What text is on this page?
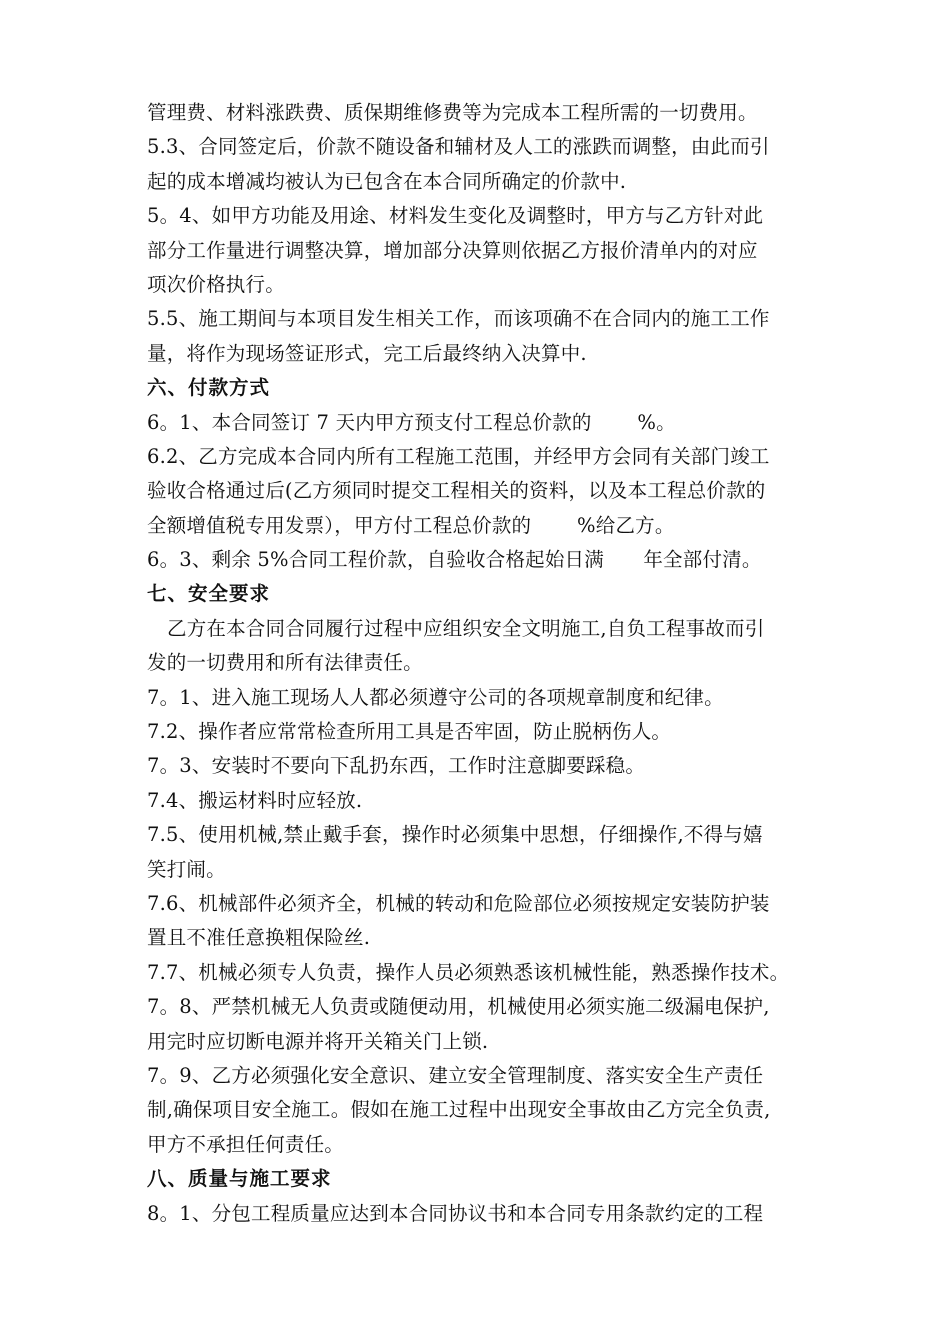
管理费、材料涨跌费、质保期维修费等为完成本工程所需的一切费用。
5.3、合同签定后，价款不随设备和辅材及人工的涨跌而调整，由此而引
起的成本增减均被认为已包含在本合同所确定的价款中.
5。4、如甲方功能及用途、材料发生变化及调整时，甲方与乙方针对此
部分工作量进行调整决算，增加部分决算则依据乙方报价清单内的对应
项次价格执行。
5.5、施工期间与本项目发生相关工作，而该项确不在合同内的施工工作
量，将作为现场签证形式，完工后最终纳入决算中.
六、付款方式
6。1、本合同签订 7 天内甲方预支付工程总价款的　　 %。
6.2、乙方完成本合同内所有工程施工范围，并经甲方会同有关部门竣工
验收合格通过后(乙方须同时提交工程相关的资料，以及本工程总价款的
全额增值税专用发票），甲方付工程总价款的　　 %给乙方。
6。3、剩余 5%合同工程价款，自验收合格起始日满　　年全部付清。
七、安全要求
乙方在本合同合同履行过程中应组织安全文明施工,自负工程事故而引
发的一切费用和所有法律责任。
7。1、进入施工现场人人都必须遵守公司的各项规章制度和纪律。
7.2、操作者应常常检查所用工具是否牢固，防止脱柄伤人。
7。3、安装时不要向下乱扔东西，工作时注意脚要踩稳。
7.4、搬运材料时应轻放.
7.5、使用机械,禁止戴手套，操作时必须集中思想，仔细操作,不得与嬉
笑打闹。
7.6、机械部件必须齐全，机械的转动和危险部位必须按规定安装防护装
置且不准任意换粗保险丝.
7.7、机械必须专人负责，操作人员必须熟悉该机械性能，熟悉操作技术。
7。8、严禁机械无人负责或随便动用，机械使用必须实施二级漏电保护,
用完时应切断电源并将开关箱关门上锁.
7。9、乙方必须强化安全意识、建立安全管理制度、落实安全生产责任
制,确保项目安全施工。假如在施工过程中出现安全事故由乙方完全负责,
甲方不承担任何责任。
八、质量与施工要求
8。1、分包工程质量应达到本合同协议书和本合同专用条款约定的工程
